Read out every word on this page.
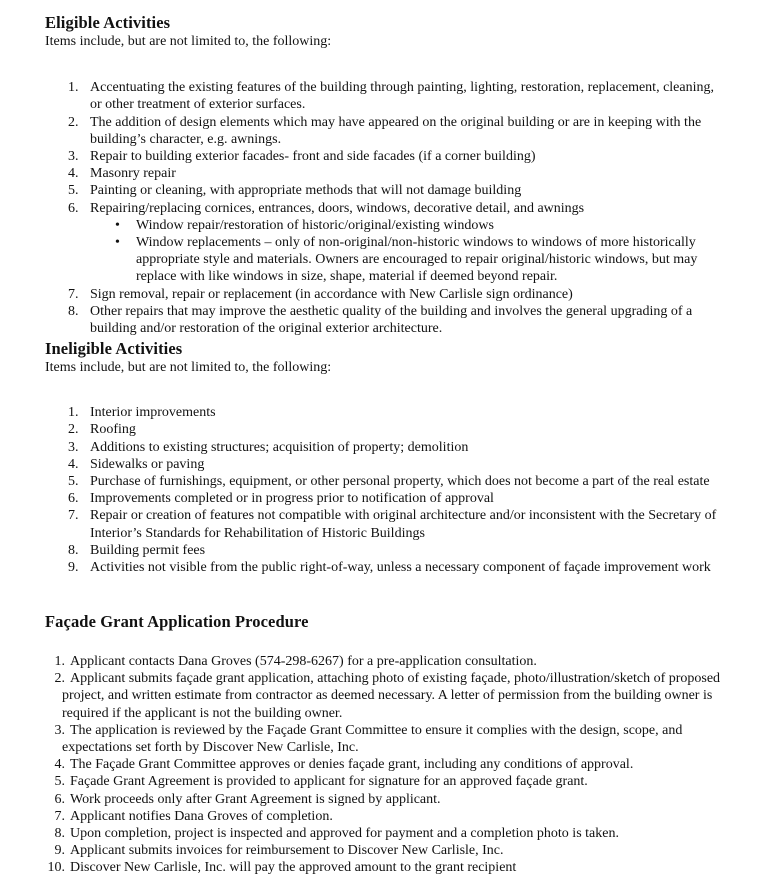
Eligible Activities
Items include, but are not limited to, the following:
1. Accentuating the existing features of the building through painting, lighting, restoration, replacement, cleaning, or other treatment of exterior surfaces.
2. The addition of design elements which may have appeared on the original building or are in keeping with the building’s character, e.g. awnings.
3. Repair to building exterior facades- front and side facades (if a corner building)
4. Masonry repair
5. Painting or cleaning, with appropriate methods that will not damage building
6. Repairing/replacing cornices, entrances, doors, windows, decorative detail, and awnings
• Window repair/restoration of historic/original/existing windows
• Window replacements – only of non-original/non-historic windows to windows of more historically appropriate style and materials. Owners are encouraged to repair original/historic windows, but may replace with like windows in size, shape, material if deemed beyond repair.
7. Sign removal, repair or replacement (in accordance with New Carlisle sign ordinance)
8. Other repairs that may improve the aesthetic quality of the building and involves the general upgrading of a building and/or restoration of the original exterior architecture.
Ineligible Activities
Items include, but are not limited to, the following:
1. Interior improvements
2. Roofing
3. Additions to existing structures; acquisition of property; demolition
4. Sidewalks or paving
5. Purchase of furnishings, equipment, or other personal property, which does not become a part of the real estate
6. Improvements completed or in progress prior to notification of approval
7. Repair or creation of features not compatible with original architecture and/or inconsistent with the Secretary of Interior’s Standards for Rehabilitation of Historic Buildings
8. Building permit fees
9. Activities not visible from the public right-of-way, unless a necessary component of façade improvement work
Façade Grant Application Procedure
1. Applicant contacts Dana Groves (574-298-6267) for a pre-application consultation.
2. Applicant submits façade grant application, attaching photo of existing façade, photo/illustration/sketch of proposed project, and written estimate from contractor as deemed necessary. A letter of permission from the building owner is required if the applicant is not the building owner.
3. The application is reviewed by the Façade Grant Committee to ensure it complies with the design, scope, and expectations set forth by Discover New Carlisle, Inc.
4. The Façade Grant Committee approves or denies façade grant, including any conditions of approval.
5. Façade Grant Agreement is provided to applicant for signature for an approved façade grant.
6. Work proceeds only after Grant Agreement is signed by applicant.
7. Applicant notifies Dana Groves of completion.
8. Upon completion, project is inspected and approved for payment and a completion photo is taken.
9. Applicant submits invoices for reimbursement to Discover New Carlisle, Inc.
10. Discover New Carlisle, Inc. will pay the approved amount to the grant recipient
